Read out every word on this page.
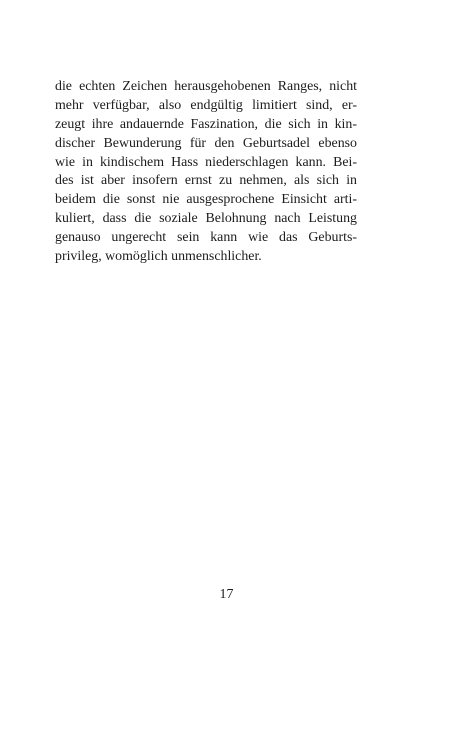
die echten Zeichen herausgehobenen Ranges, nicht
mehr verfügbar, also endgültig limitiert sind, er-
zeugt ihre andauernde Faszination, die sich in kin-
discher Bewunderung für den Geburtsadel ebenso
wie in kindischem Hass niederschlagen kann. Bei-
des ist aber insofern ernst zu nehmen, als sich in
beidem die sonst nie ausgesprochene Einsicht arti-
kuliert, dass die soziale Belohnung nach Leistung
genauso ungerecht sein kann wie das Geburts-
privileg, womöglich unmenschlicher.
17
